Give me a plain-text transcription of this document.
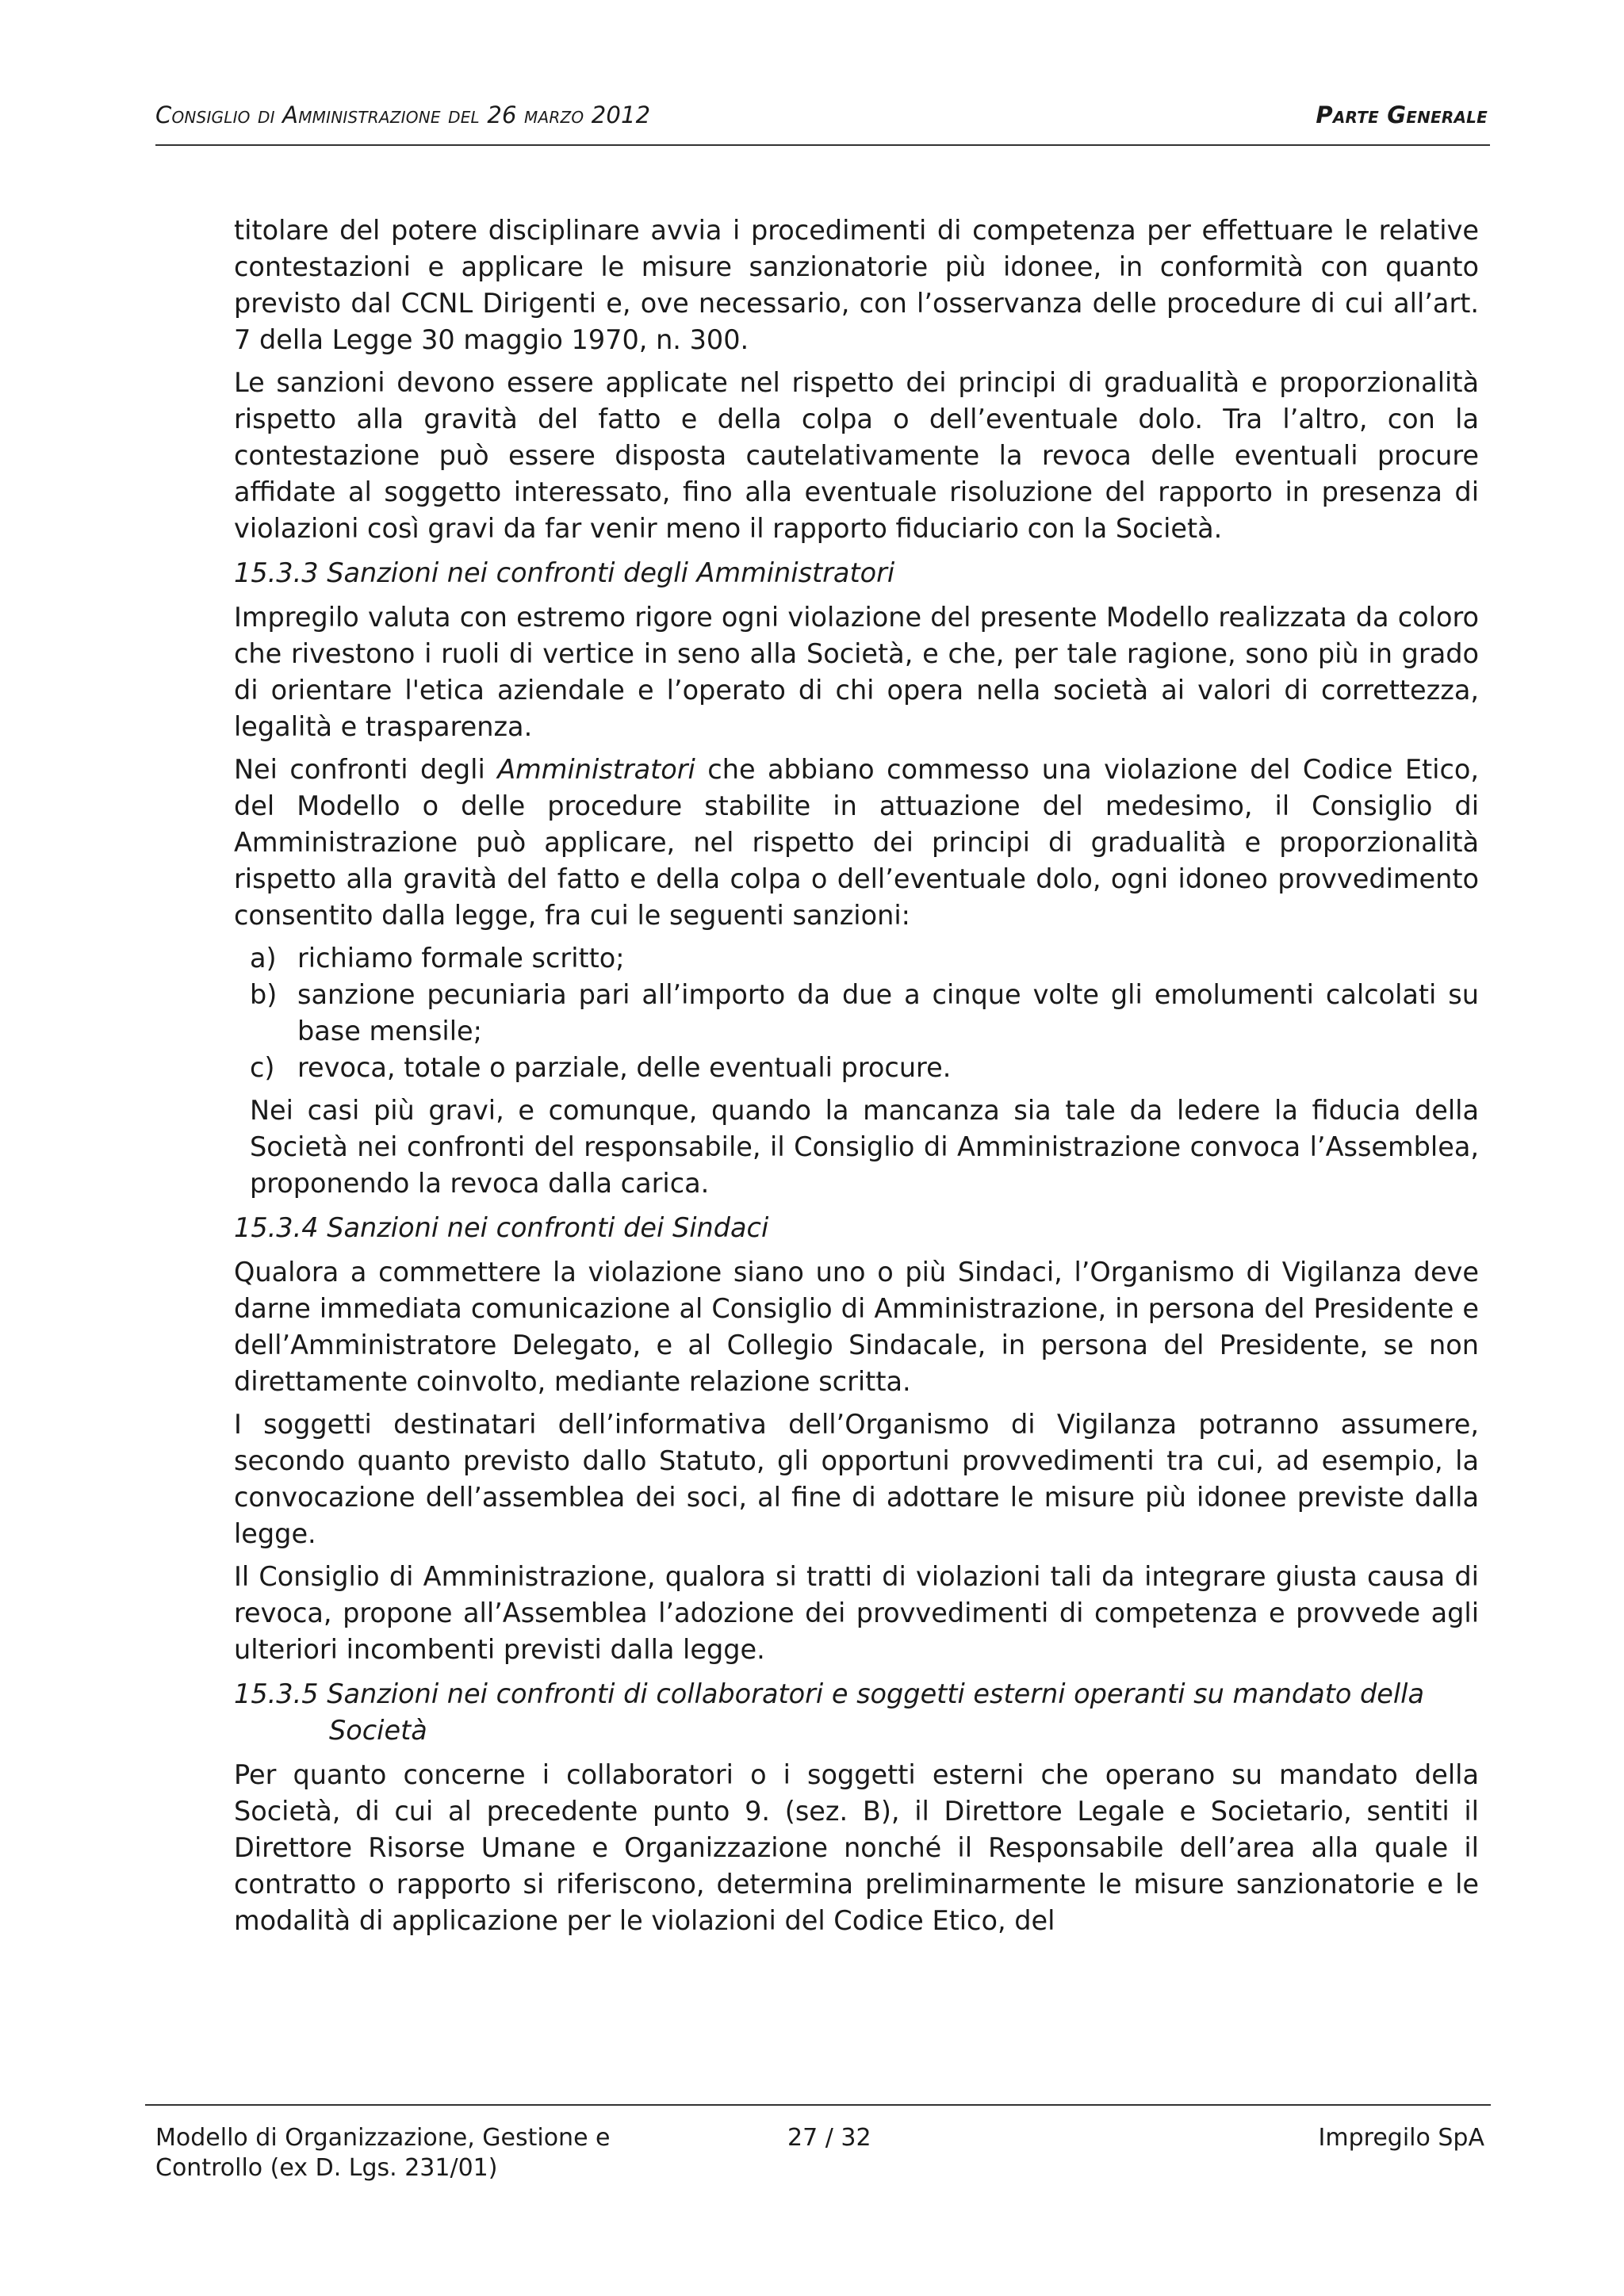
Consiglio di Amministrazione del 26 marzo 2012	Parte Generale

titolare del potere disciplinare avvia i procedimenti di competenza per effettuare le relative contestazioni e applicare le misure sanzionatorie più idonee, in conformità con quanto previsto dal CCNL Dirigenti e, ove necessario, con l’osservanza delle procedure di cui all’art. 7 della Legge 30 maggio 1970, n. 300.

Le sanzioni devono essere applicate nel rispetto dei principi di gradualità e proporzionalità rispetto alla gravità del fatto e della colpa o dell’eventuale dolo. Tra l’altro, con la contestazione può essere disposta cautelativamente la revoca delle eventuali procure affidate al soggetto interessato, fino alla eventuale risoluzione del rapporto in presenza di violazioni così gravi da far venir meno il rapporto fiduciario con la Società.

15.3.3 Sanzioni nei confronti degli Amministratori

Impregilo valuta con estremo rigore ogni violazione del presente Modello realizzata da coloro che rivestono i ruoli di vertice in seno alla Società, e che, per tale ragione, sono più in grado di orientare l'etica aziendale e l’operato di chi opera nella società ai valori di correttezza, legalità e trasparenza.

Nei confronti degli Amministratori che abbiano commesso una violazione del Codice Etico, del Modello o delle procedure stabilite in attuazione del medesimo, il Consiglio di Amministrazione può applicare, nel rispetto dei principi di gradualità e proporzionalità rispetto alla gravità del fatto e della colpa o dell’eventuale dolo, ogni idoneo provvedimento consentito dalla legge, fra cui le seguenti sanzioni:

a) richiamo formale scritto;
b) sanzione pecuniaria pari all’importo da due a cinque volte gli emolumenti calcolati su base mensile;
c) revoca, totale o parziale, delle eventuali procure.

Nei casi più gravi, e comunque, quando la mancanza sia tale da ledere la fiducia della Società nei confronti del responsabile, il Consiglio di Amministrazione convoca l’Assemblea, proponendo la revoca dalla carica.

15.3.4 Sanzioni nei confronti dei Sindaci

Qualora a commettere la violazione siano uno o più Sindaci, l’Organismo di Vigilanza deve darne immediata comunicazione al Consiglio di Amministrazione, in persona del Presidente e dell’Amministratore Delegato, e al Collegio Sindacale, in persona del Presidente, se non direttamente coinvolto, mediante relazione scritta.

I soggetti destinatari dell’informativa dell’Organismo di Vigilanza potranno assumere, secondo quanto previsto dallo Statuto, gli opportuni provvedimenti tra cui, ad esempio, la convocazione dell’assemblea dei soci, al fine di adottare le misure più idonee previste dalla legge.

Il Consiglio di Amministrazione, qualora si tratti di violazioni tali da integrare giusta causa di revoca, propone all’Assemblea l’adozione dei provvedimenti di competenza e provvede agli ulteriori incombenti previsti dalla legge.

15.3.5 Sanzioni nei confronti di collaboratori e soggetti esterni operanti su mandato della Società

Per quanto concerne i collaboratori o i soggetti esterni che operano su mandato della Società, di cui al precedente punto 9. (sez. B), il Direttore Legale e Societario, sentiti il Direttore Risorse Umane e Organizzazione nonché il Responsabile dell’area alla quale il contratto o rapporto si riferiscono, determina preliminarmente le misure sanzionatorie e le modalità di applicazione per le violazioni del Codice Etico, del

Modello di Organizzazione, Gestione e
Controllo (ex D. Lgs. 231/01)
27 / 32	Impregilo SpA
